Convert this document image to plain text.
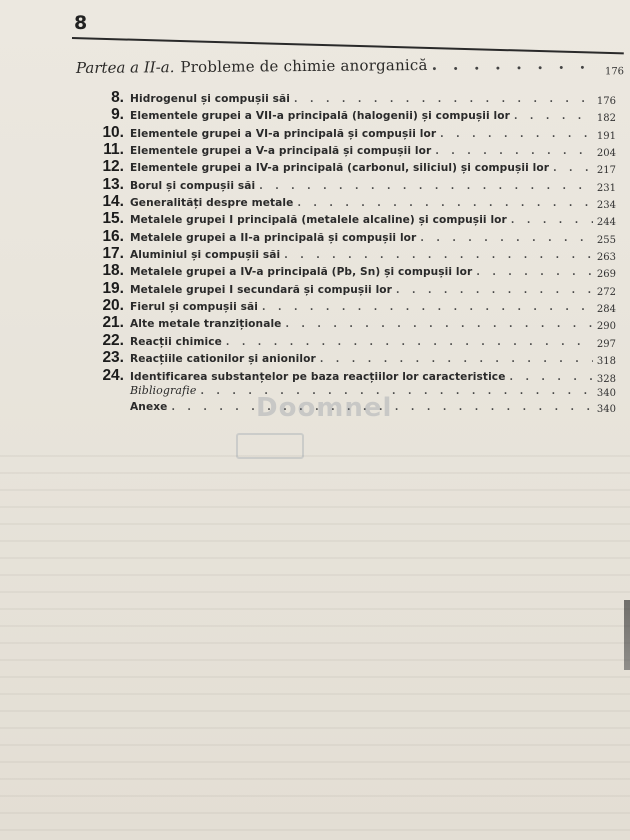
8
Partea a II-a. Probleme de chimie anorganică . . .	176
8. Hidrogenul și compușii săi . . .	176
9. Elementele grupei a VII-a principală (halogenii) și compușii lor . . .	182
10. Elementele grupei a VI-a principală și compușii lor . . .	191
11. Elementele grupei a V-a principală și compușii lor . . .	204
12. Elementele grupei a IV-a principală (carbonul, siliciul) și compușii lor . . .	217
13. Borul și compușii săi . . .	231
14. Generalități despre metale . . .	234
15. Metalele grupei I principală (metalele alcaline) și compușii lor . . .	244
16. Metalele grupei a II-a principală și compușii lor . . .	255
17. Aluminiul și compușii săi . . .	263
18. Metalele grupei a IV-a principală (Pb, Sn) și compușii lor . . .	269
19. Metalele grupei I secundară și compușii lor . . .	272
20. Fierul și compușii săi . . .	284
21. Alte metale tranziționale . . .	290
22. Reacții chimice . . .	297
23. Reacțiile cationilor și anionilor . . .	318
24. Identificarea substanțelor pe baza reacțiilor lor caracteristice . . .	328
Bibliografie . . .	340
Anexe . . .	340
Doomnel
